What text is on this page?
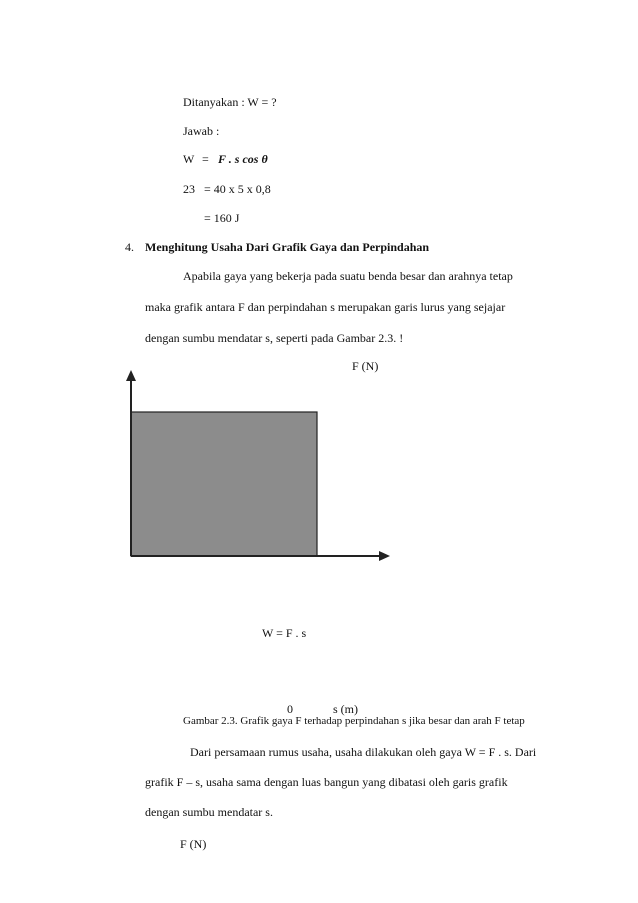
Ditanyakan : W = ?
Jawab :
W = F . s cos θ
23 = 40 x 5 x 0,8
= 160 J
4. Menghitung Usaha Dari Grafik Gaya dan Perpindahan
Apabila gaya yang bekerja pada suatu benda besar dan arahnya tetap
maka grafik antara F dan perpindahan s merupakan garis lurus yang sejajar
dengan sumbu mendatar s, seperti pada Gambar 2.3. !
F (N)
W = F . s
0	s (m)
Gambar 2.3. Grafik gaya F terhadap perpindahan s jika besar dan arah F tetap
Dari persamaan rumus usaha, usaha dilakukan oleh gaya W = F . s. Dari
grafik F – s, usaha sama dengan luas bangun yang dibatasi oleh garis grafik
dengan sumbu mendatar s.
F (N)
